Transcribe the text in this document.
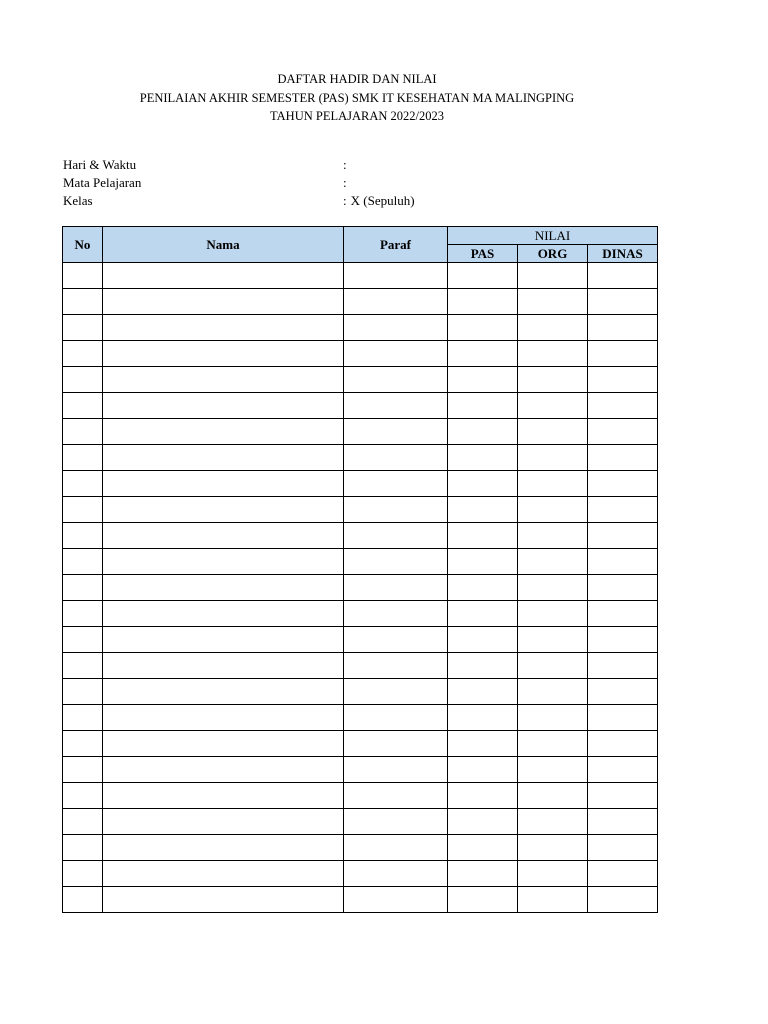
DAFTAR HADIR DAN NILAI
PENILAIAN AKHIR SEMESTER (PAS) SMK IT KESEHATAN MA MALINGPING
TAHUN PELAJARAN 2022/2023
Hari & Waktu	:
Mata Pelajaran	:
Kelas	: X (Sepuluh)
No	Nama	Paraf	NILAI		
			PAS	ORG	DINAS
